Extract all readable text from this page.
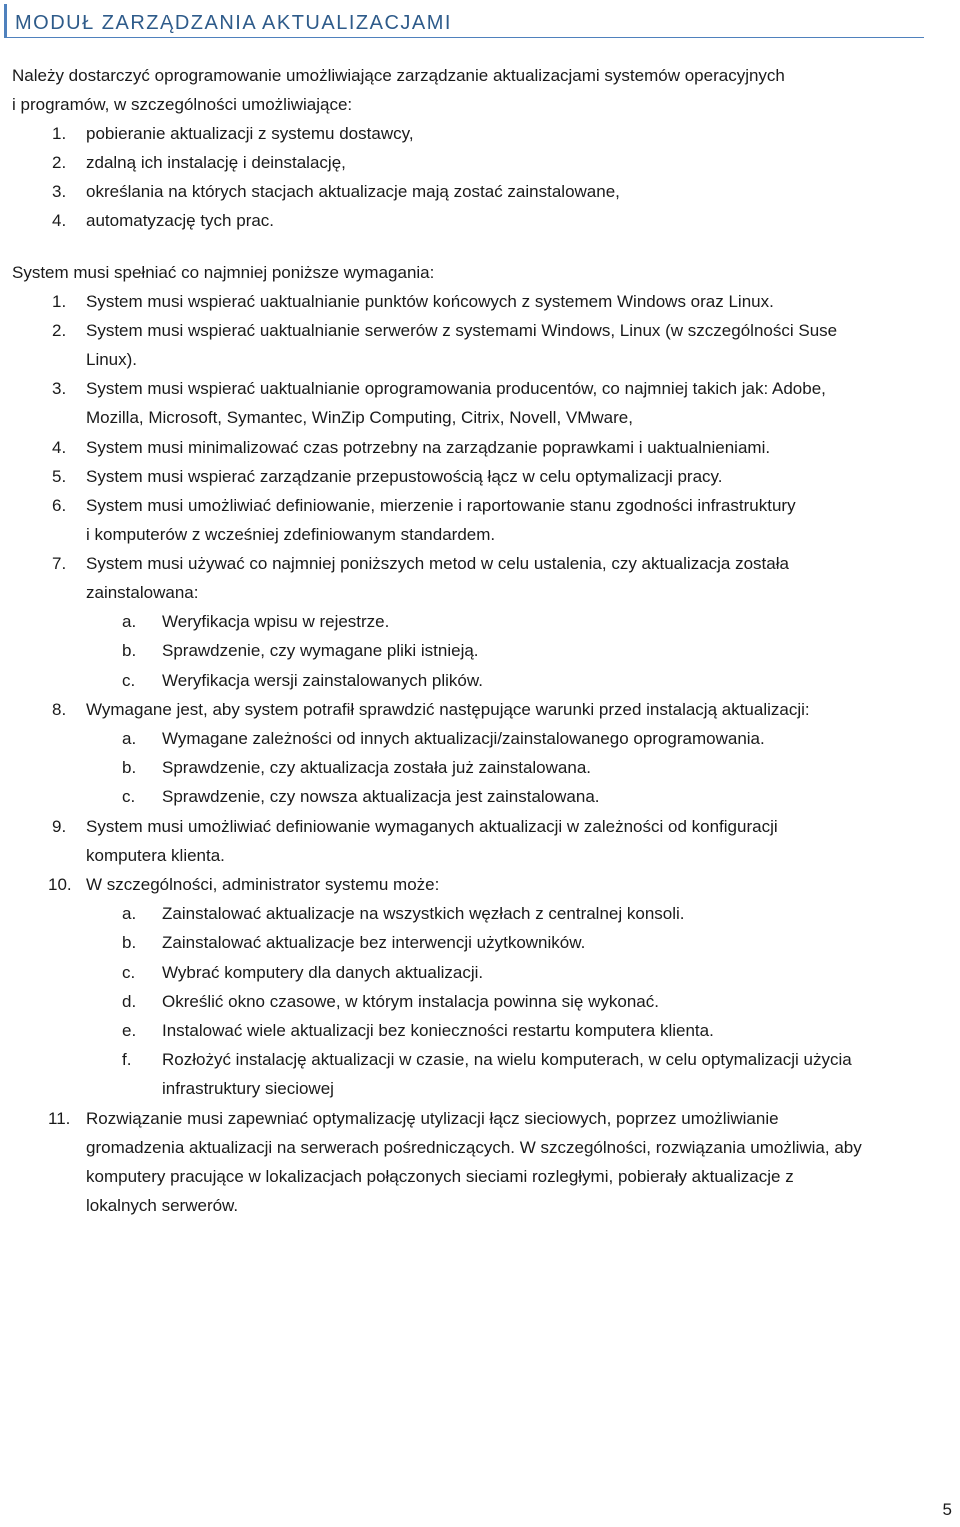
MODUŁ ZARZĄDZANIA AKTUALIZACJAMI
Należy dostarczyć oprogramowanie umożliwiające zarządzanie aktualizacjami systemów operacyjnych
i programów, w szczególności umożliwiające:
1. pobieranie aktualizacji z systemu dostawcy,
2. zdalną ich instalację i deinstalację,
3. określania na których stacjach aktualizacje mają zostać zainstalowane,
4. automatyzację tych prac.
System musi spełniać co najmniej poniższe wymagania:
1. System musi wspierać uaktualnianie punktów końcowych z systemem Windows oraz Linux.
2. System musi wspierać uaktualnianie serwerów z systemami Windows, Linux (w szczególności Suse
Linux).
3. System musi wspierać uaktualnianie oprogramowania producentów, co najmniej takich jak: Adobe,
Mozilla, Microsoft, Symantec, WinZip Computing, Citrix, Novell, VMware,
4. System musi minimalizować czas potrzebny na zarządzanie poprawkami i uaktualnieniami.
5. System musi wspierać zarządzanie przepustowością łącz w celu optymalizacji pracy.
6. System musi umożliwiać definiowanie, mierzenie i raportowanie stanu zgodności infrastruktury
i komputerów z wcześniej zdefiniowanym standardem.
7. System musi używać co najmniej poniższych metod w celu ustalenia, czy aktualizacja została
zainstalowana:
a. Weryfikacja wpisu w rejestrze.
b. Sprawdzenie, czy wymagane pliki istnieją.
c. Weryfikacja wersji zainstalowanych plików.
8. Wymagane jest, aby system potrafił sprawdzić następujące warunki przed instalacją aktualizacji:
a. Wymagane zależności od innych aktualizacji/zainstalowanego oprogramowania.
b. Sprawdzenie, czy aktualizacja została już zainstalowana.
c. Sprawdzenie, czy nowsza aktualizacja jest zainstalowana.
9. System musi umożliwiać definiowanie wymaganych aktualizacji w zależności od konfiguracji
komputera klienta.
10. W szczególności, administrator systemu może:
a. Zainstalować aktualizacje na wszystkich węzłach z centralnej konsoli.
b. Zainstalować aktualizacje bez interwencji użytkowników.
c. Wybrać komputery dla danych aktualizacji.
d. Określić okno czasowe, w którym instalacja powinna się wykonać.
e. Instalować wiele aktualizacji bez konieczności restartu komputera klienta.
f. Rozłożyć instalację aktualizacji w czasie, na wielu komputerach, w celu optymalizacji użycia
infrastruktury sieciowej
11. Rozwiązanie musi zapewniać optymalizację utylizacji łącz sieciowych, poprzez umożliwianie
gromadzenia aktualizacji na serwerach pośredniczących. W szczególności, rozwiązania umożliwia, aby
komputery pracujące w lokalizacjach połączonych sieciami rozległymi, pobierały aktualizacje z
lokalnych serwerów.
5
